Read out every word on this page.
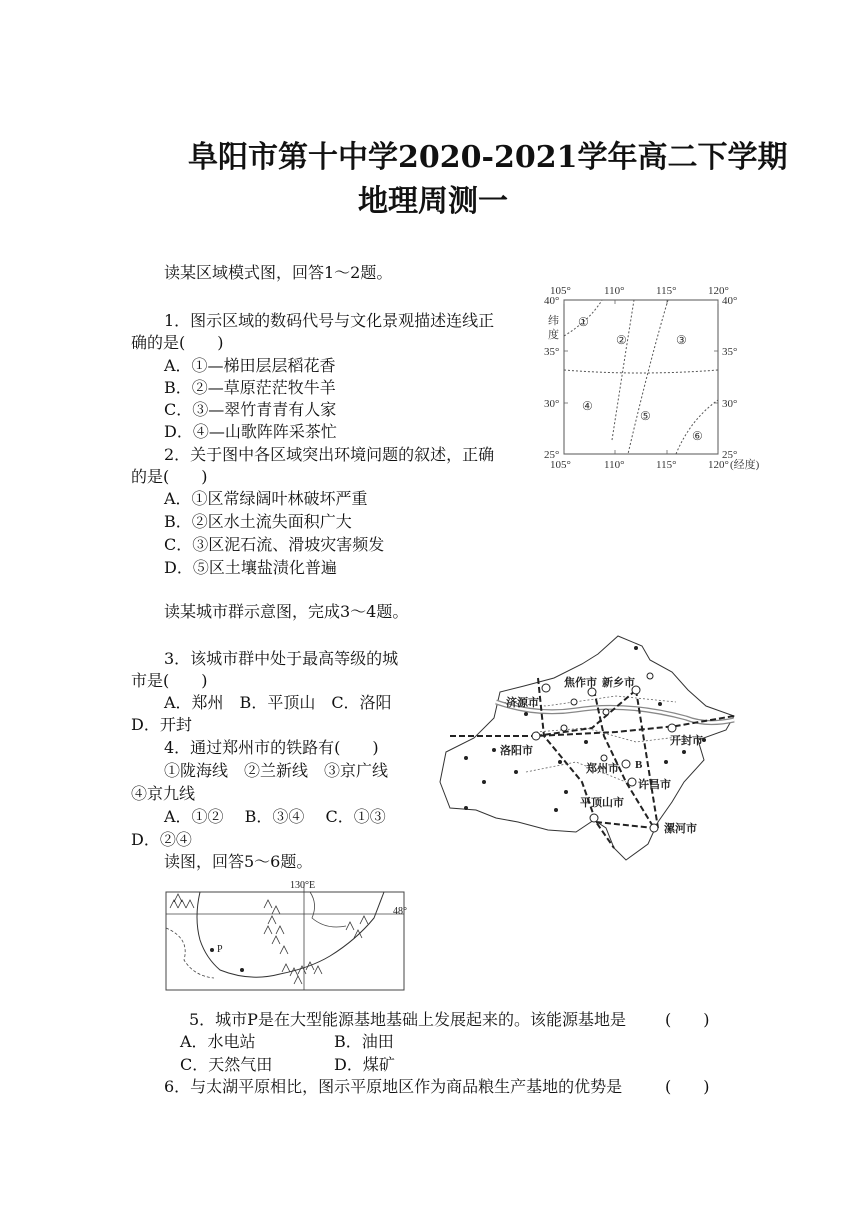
阜阳市第十中学2020-2021学年高二下学期
地理周测一
读某区域模式图，回答1～2题。
1．图示区域的数码代号与文化景观描述连线正
确的是(　　)
A．①—梯田层层稻花香
B．②—草原茫茫牧牛羊
C．③—翠竹青青有人家
D．④—山歌阵阵采茶忙
2．关于图中各区域突出环境问题的叙述，正确
的是(　　)
A．①区常绿阔叶林破坏严重
B．②区水土流失面积广大
C．③区泥石流、滑坡灾害频发
D．⑤区土壤盐渍化普遍
105°	110°	115°	120°
105°	110°	115°	120°
40°
35°
30°
25°
40°
35°
30°
25°
纬
度
(经度)
①
②	③
④
⑤
⑥
读某城市群示意图，完成3～4题。
3．该城市群中处于最高等级的城
市是(　　)
A．郑州　B．平顶山　C．洛阳
D．开封
4．通过郑州市的铁路有(　　)
①陇海线　②兰新线　③京广线
④京九线
A．①②　 B．③④　 C．①③
D．②④
焦作市 新乡市
济源市
开封市
洛阳市
郑州市 B
许昌市
平顶山市
漯河市
读图，回答5～6题。
130°E
48°
P
5．城市P是在大型能源基地基础上发展起来的。该能源基地是 (　　)
A．水电站	B．油田
C．天然气田	D．煤矿
6．与太湖平原相比，图示平原地区作为商品粮生产基地的优势是	(　　)
